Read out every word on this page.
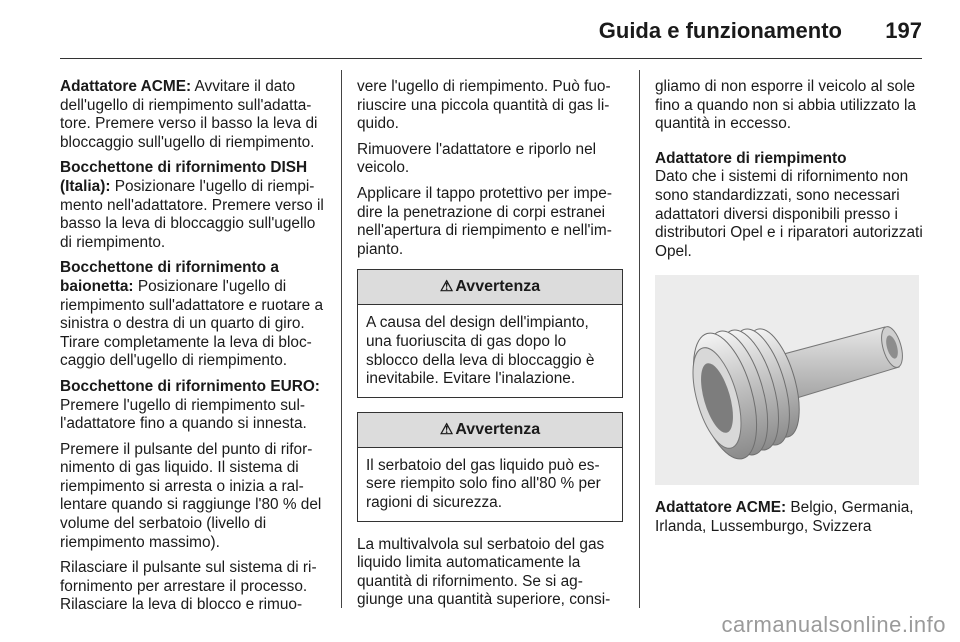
Guida e funzionamento 197

Adattatore ACME: Avvitare il dato dell'ugello di riempimento sull'adattatore. Premere verso il basso la leva di bloccaggio sull'ugello di riempimento.

Bocchettone di rifornimento DISH (Italia): Posizionare l'ugello di riempimento nell'adattatore. Premere verso il basso la leva di bloccaggio sull'ugello di riempimento.

Bocchettone di rifornimento a baionetta: Posizionare l'ugello di riempimento sull'adattatore e ruotare a sinistra o destra di un quarto di giro. Tirare completamente la leva di bloccaggio dell'ugello di riempimento.

Bocchettone di rifornimento EURO: Premere l'ugello di riempimento sull'adattatore fino a quando si innesta.

Premere il pulsante del punto di rifornimento di gas liquido. Il sistema di riempimento si arresta o inizia a rallentare quando si raggiunge l'80 % del volume del serbatoio (livello di riempimento massimo).

Rilasciare il pulsante sul sistema di rifornimento per arrestare il processo. Rilasciare la leva di blocco e rimuo-

vere l'ugello di riempimento. Può fuoriuscire una piccola quantità di gas liquido.

Rimuovere l'adattatore e riporlo nel veicolo.

Applicare il tappo protettivo per impedire la penetrazione di corpi estranei nell'apertura di riempimento e nell'impianto.

⚠ Avvertenza
A causa del design dell'impianto, una fuoriuscita di gas dopo lo sblocco della leva di bloccaggio è inevitabile. Evitare l'inalazione.
⚠ Avvertenza
Il serbatoio del gas liquido può essere riempito solo fino all'80 % per ragioni di sicurezza.

La multivalvola sul serbatoio del gas liquido limita automaticamente la quantità di rifornimento. Se si aggiunge una quantità superiore, consi-

gliamo di non esporre il veicolo al sole fino a quando non si abbia utilizzato la quantità in eccesso.

Adattatore di riempimento

Dato che i sistemi di rifornimento non sono standardizzati, sono necessari adattatori diversi disponibili presso i distributori Opel e i riparatori autorizzati Opel.

Adattatore ACME: Belgio, Germania, Irlanda, Lussemburgo, Svizzera

carmanualsonline.info
